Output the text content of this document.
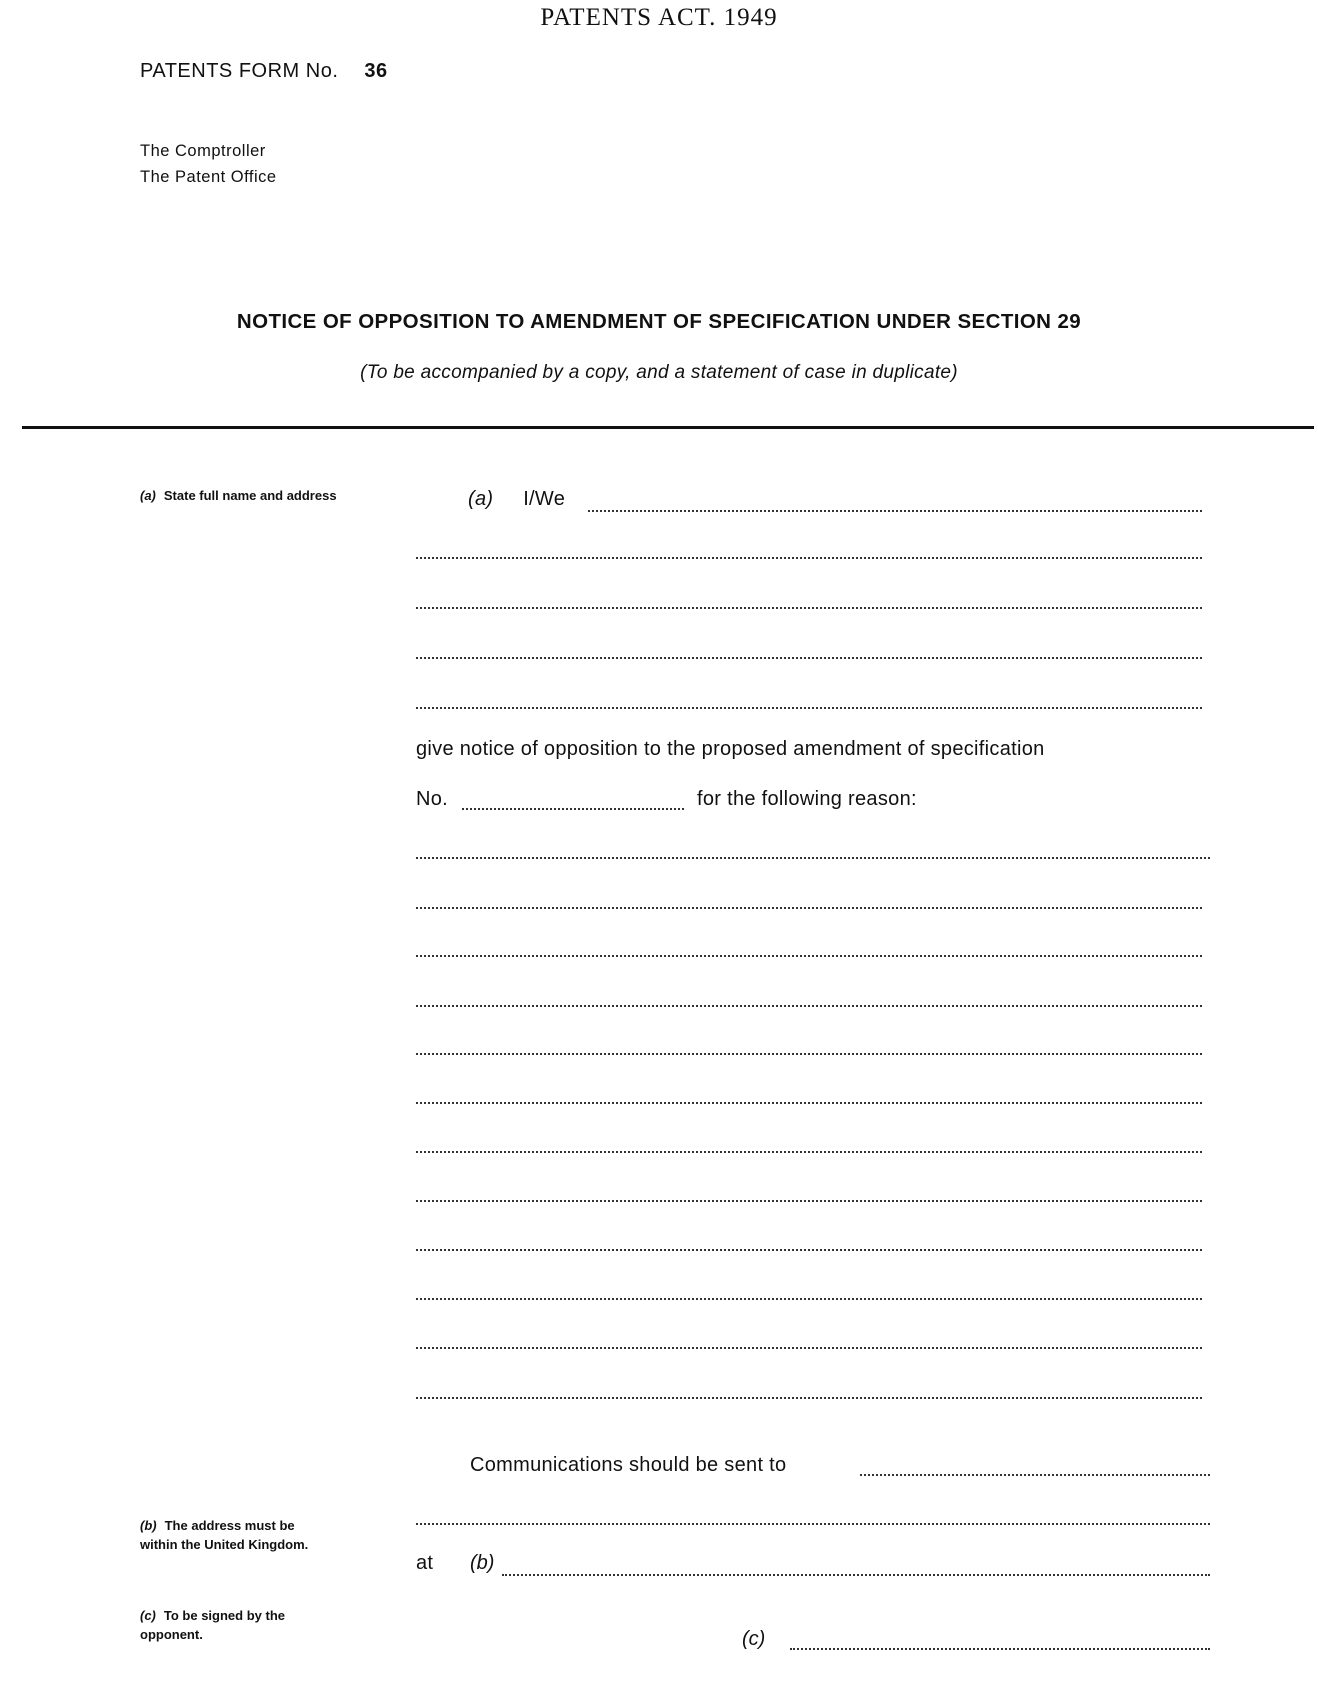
PATENTS ACT. 1949
PATENTS FORM No. 36
The Comptroller
The Patent Office
NOTICE OF OPPOSITION TO AMENDMENT OF SPECIFICATION UNDER SECTION 29
(To be accompanied by a copy, and a statement of case in duplicate)
(a) State full name and address
(b) The address must be within the United Kingdom.
(c) To be signed by the opponent.
(a) I/We
give notice of opposition to the proposed amendment of specification
No.	for the following reason:
Communications should be sent to
at (b)
(c)
